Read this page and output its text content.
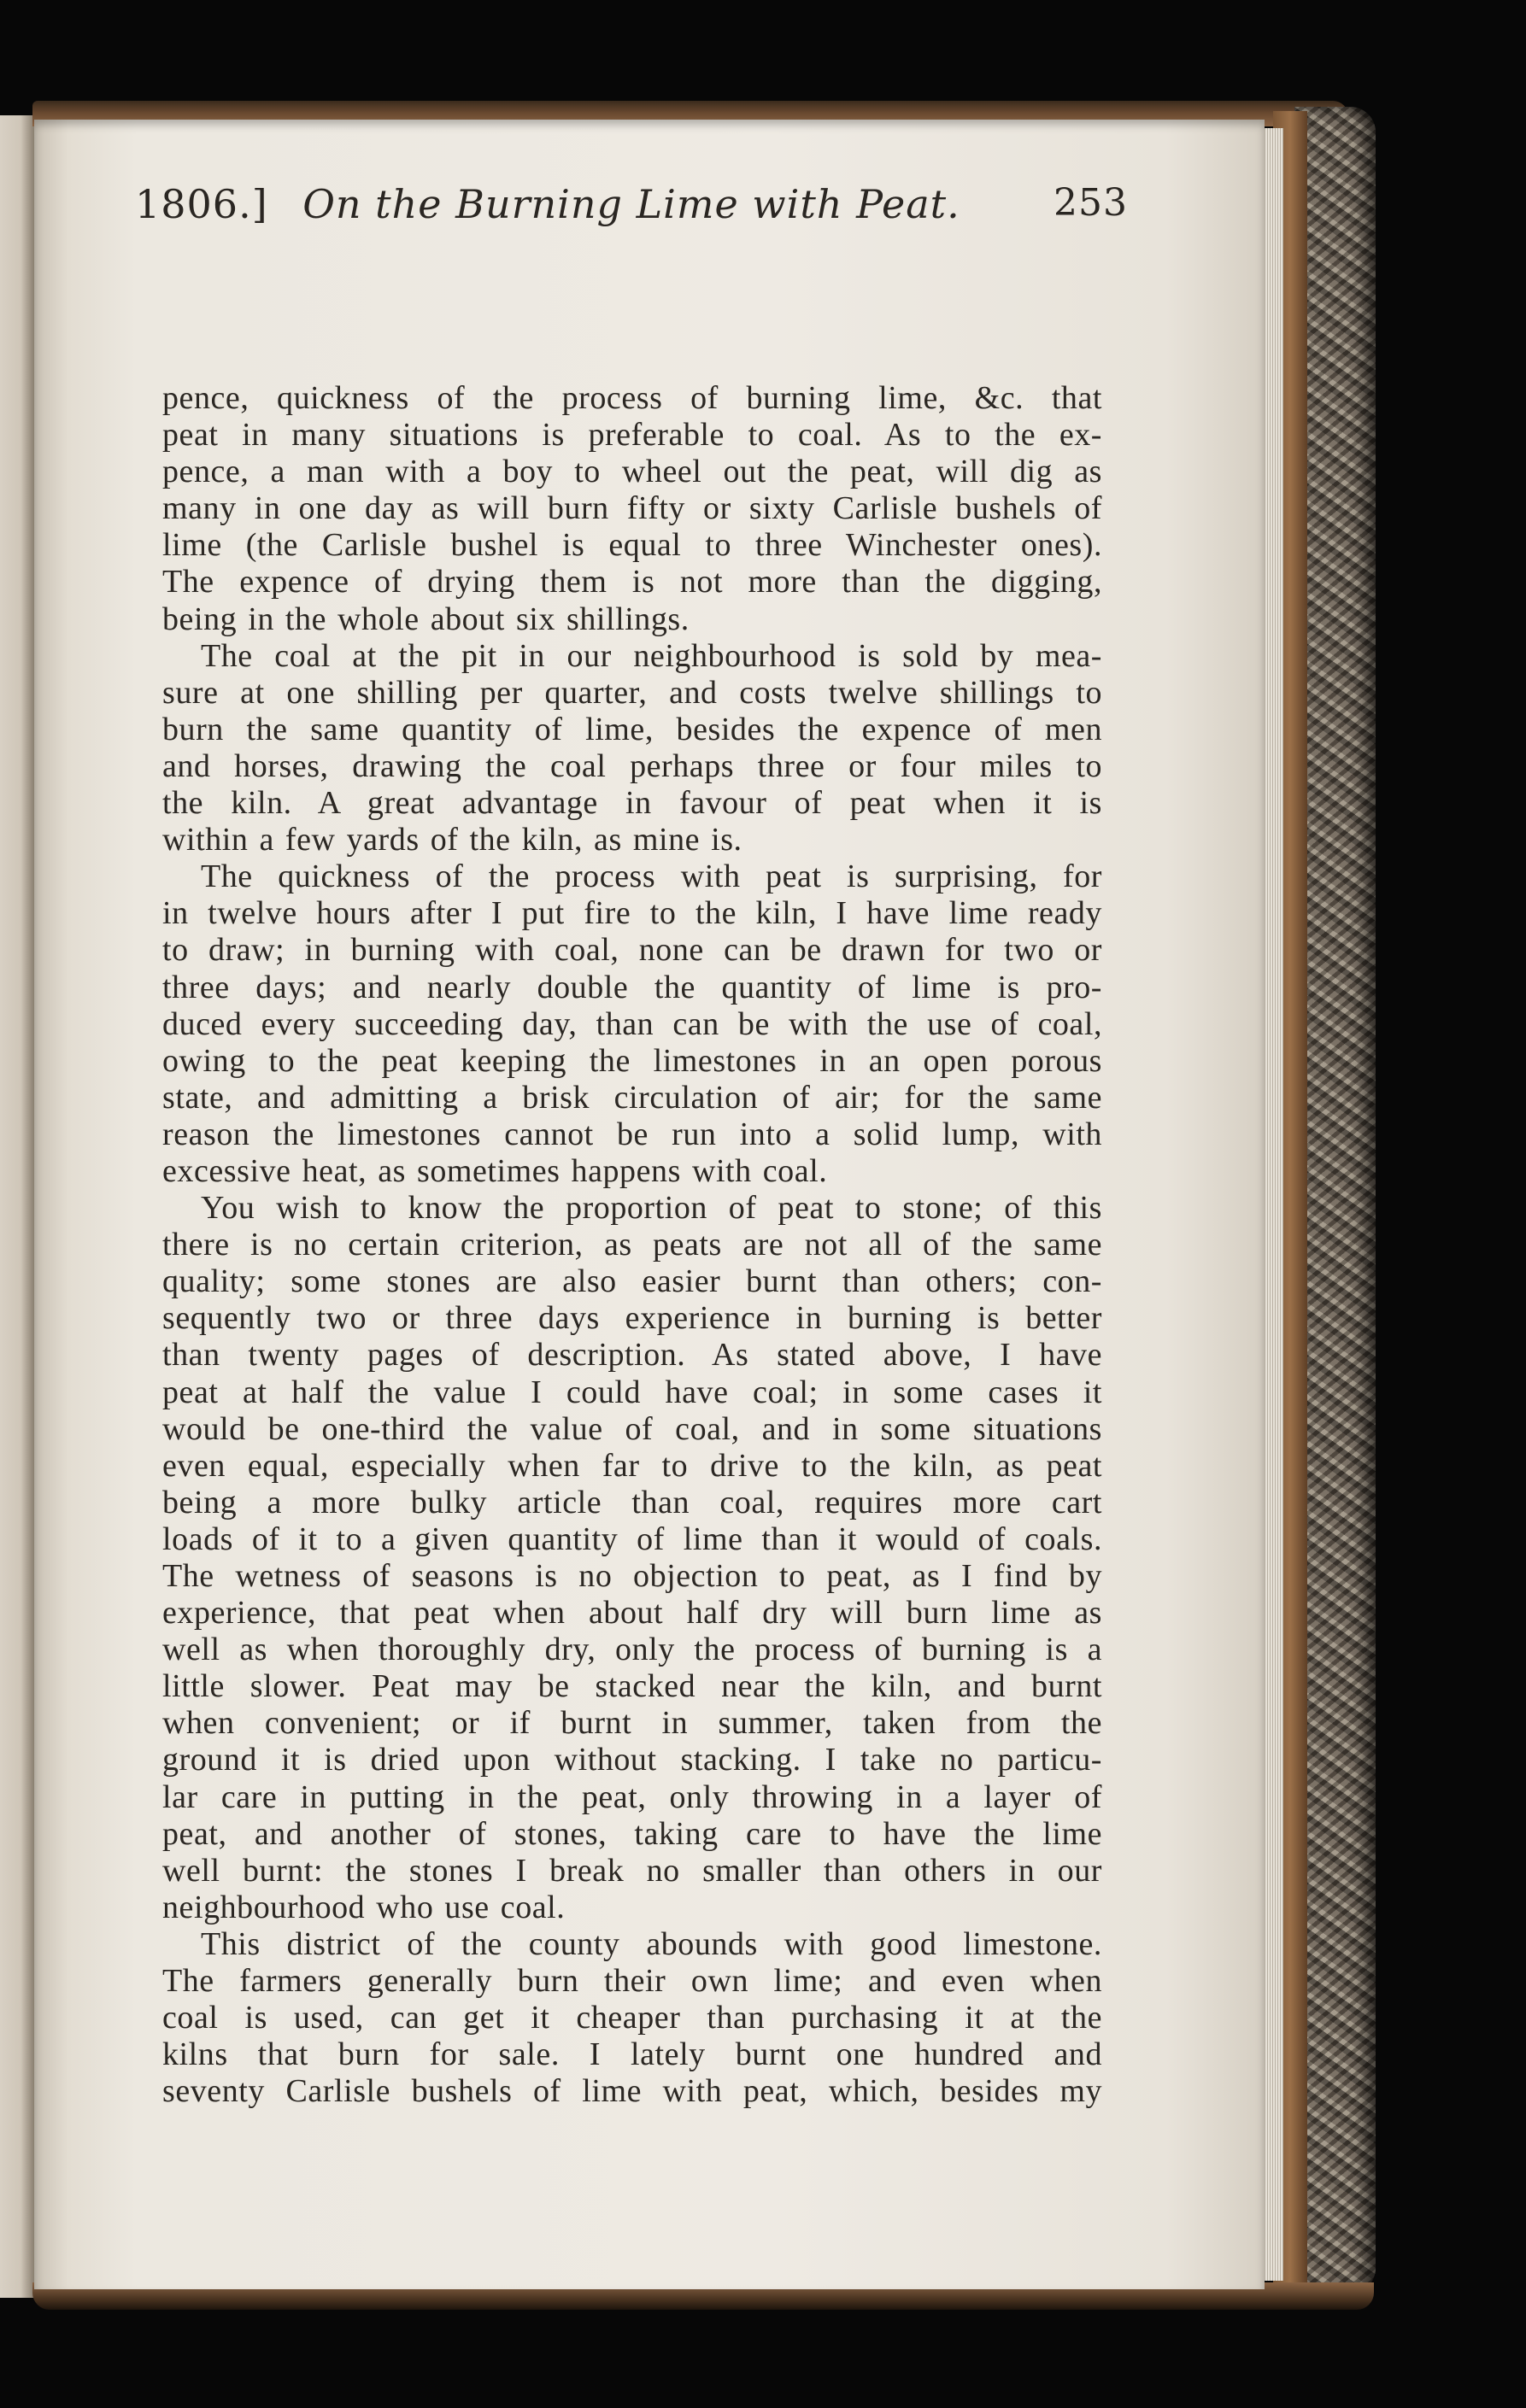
1806.] On the Burning Lime with Peat.	253
pence, quickness of the process of burning lime, &c. that
peat in many situations is preferable to coal. As to the ex-
pence, a man with a boy to wheel out the peat, will dig as
many in one day as will burn fifty or sixty Carlisle bushels of
lime (the Carlisle bushel is equal to three Winchester ones).
The expence of drying them is not more than the digging,
being in the whole about six shillings.
The coal at the pit in our neighbourhood is sold by mea-
sure at one shilling per quarter, and costs twelve shillings to
burn the same quantity of lime, besides the expence of men
and horses, drawing the coal perhaps three or four miles to
the kiln. A great advantage in favour of peat when it is
within a few yards of the kiln, as mine is.
The quickness of the process with peat is surprising, for
in twelve hours after I put fire to the kiln, I have lime ready
to draw; in burning with coal, none can be drawn for two or
three days; and nearly double the quantity of lime is pro-
duced every succeeding day, than can be with the use of coal,
owing to the peat keeping the limestones in an open porous
state, and admitting a brisk circulation of air; for the same
reason the limestones cannot be run into a solid lump, with
excessive heat, as sometimes happens with coal.
You wish to know the proportion of peat to stone; of this
there is no certain criterion, as peats are not all of the same
quality; some stones are also easier burnt than others; con-
sequently two or three days experience in burning is better
than twenty pages of description. As stated above, I have
peat at half the value I could have coal; in some cases it
would be one-third the value of coal, and in some situations
even equal, especially when far to drive to the kiln, as peat
being a more bulky article than coal, requires more cart
loads of it to a given quantity of lime than it would of coals.
The wetness of seasons is no objection to peat, as I find by
experience, that peat when about half dry will burn lime as
well as when thoroughly dry, only the process of burning is a
little slower. Peat may be stacked near the kiln, and burnt
when convenient; or if burnt in summer, taken from the
ground it is dried upon without stacking. I take no particu-
lar care in putting in the peat, only throwing in a layer of
peat, and another of stones, taking care to have the lime
well burnt: the stones I break no smaller than others in our
neighbourhood who use coal.
This district of the county abounds with good limestone.
The farmers generally burn their own lime; and even when
coal is used, can get it cheaper than purchasing it at the
kilns that burn for sale. I lately burnt one hundred and
seventy Carlisle bushels of lime with peat, which, besides my
